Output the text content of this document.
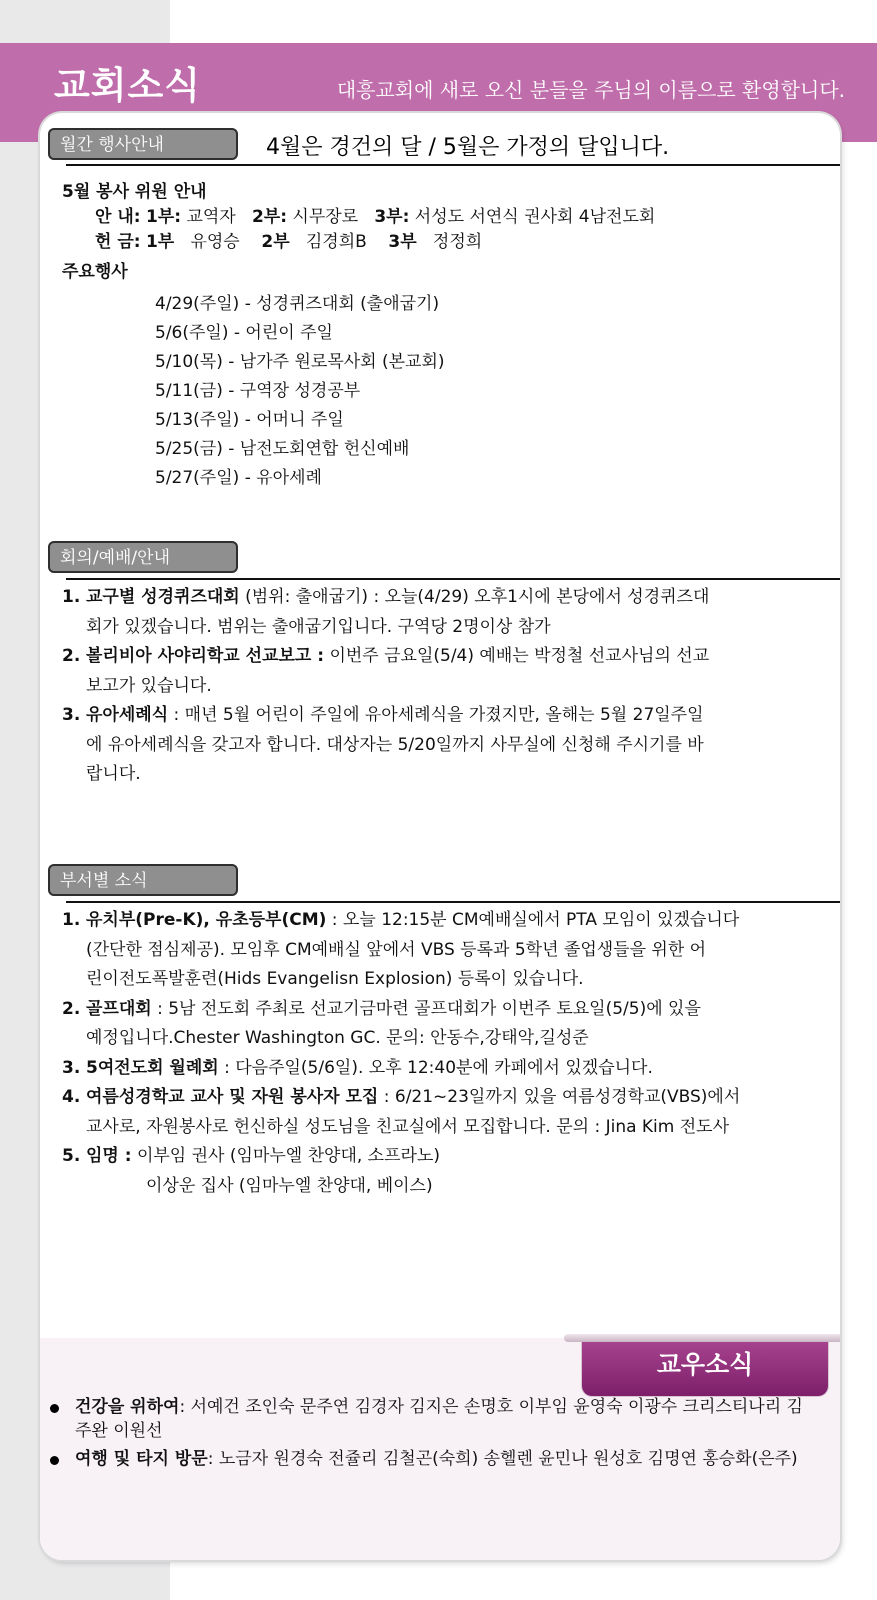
교회소식	대흥교회에 새로 오신 분들을 주님의 이름으로 환영합니다.
월간 행사안내	4월은 경건의 달 / 5월은 가정의 달입니다.
5월 봉사 위원 안내
안 내: 1부: 교역자 2부: 시무장로 3부: 서성도 서연식 권사회 4남전도회
헌 금: 1부 유영승 2부 김경희B 3부 정정희
주요행사
4/29(주일) - 성경퀴즈대회 (출애굽기)
5/6(주일) - 어린이 주일
5/10(목) - 남가주 원로목사회 (본교회)
5/11(금) - 구역장 성경공부
5/13(주일) - 어머니 주일
5/25(금) - 남전도회연합 헌신예배
5/27(주일) - 유아세례
회의/예배/안내
1. 교구별 성경퀴즈대회 (범위: 출애굽기) : 오늘(4/29) 오후1시에 본당에서 성경퀴즈대
회가 있겠습니다. 범위는 출애굽기입니다. 구역당 2명이상 참가
2. 볼리비아 사야리학교 선교보고 : 이번주 금요일(5/4) 예배는 박정철 선교사님의 선교
보고가 있습니다.
3. 유아세례식 : 매년 5월 어린이 주일에 유아세례식을 가졌지만, 올해는 5월 27일주일
에 유아세례식을 갖고자 합니다. 대상자는 5/20일까지 사무실에 신청해 주시기를 바
랍니다.
부서별 소식
1. 유치부(Pre-K), 유초등부(CM) : 오늘 12:15분 CM예배실에서 PTA 모임이 있겠습니다
(간단한 점심제공). 모임후 CM예배실 앞에서 VBS 등록과 5학년 졸업생들을 위한 어
린이전도폭발훈련(Hids Evangelisn Explosion) 등록이 있습니다.
2. 골프대회 : 5남 전도회 주최로 선교기금마련 골프대회가 이번주 토요일(5/5)에 있을
예정입니다.Chester Washington GC. 문의: 안동수,강태악,길성준
3. 5여전도회 월례회 : 다음주일(5/6일). 오후 12:40분에 카페에서 있겠습니다.
4. 여름성경학교 교사 및 자원 봉사자 모집 : 6/21~23일까지 있을 여름성경학교(VBS)에서
교사로, 자원봉사로 헌신하실 성도님을 친교실에서 모집합니다. 문의 : Jina Kim 전도사
5. 임명 : 이부임 권사 (임마누엘 찬양대, 소프라노)
이상운 집사 (임마누엘 찬양대, 베이스)
교우소식
건강을 위하여: 서예건 조인숙 문주연 김경자 김지은 손명호 이부임 윤영숙 이광수 크리스티나리 김주완 이원선
여행 및 타지 방문: 노금자 원경숙 전쥴리 김철곤(숙희) 송헬렌 윤민나 원성호 김명연 홍승화(은주)
